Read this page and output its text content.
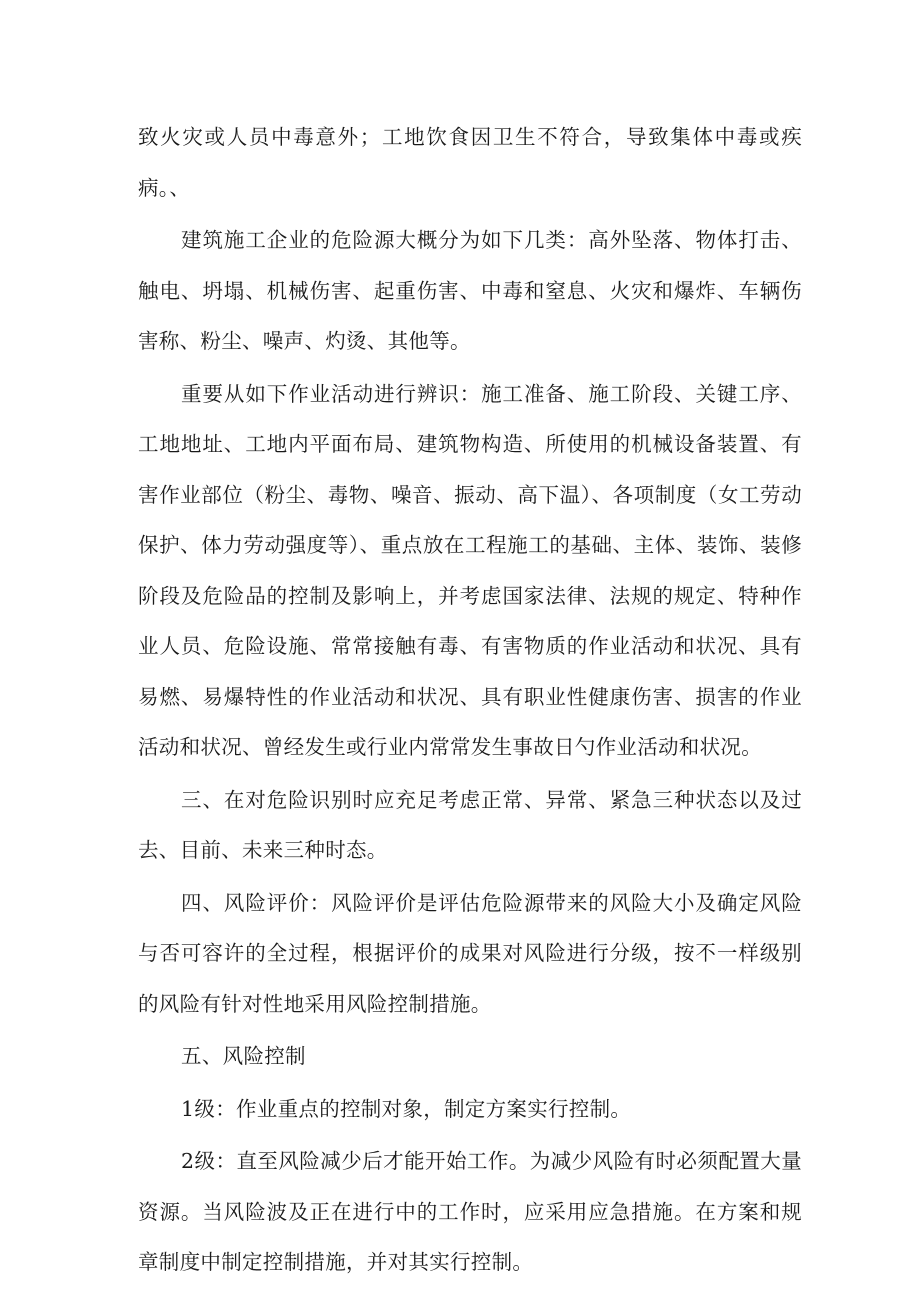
致火灾或人员中毒意外；工地饮食因卫生不符合，导致集体中毒或疾病。、

建筑施工企业的危险源大概分为如下几类：高外坠落、物体打击、触电、坍塌、机械伤害、起重伤害、中毒和窒息、火灾和爆炸、车辆伤害称、粉尘、噪声、灼烫、其他等。

重要从如下作业活动进行辨识：施工准备、施工阶段、关键工序、工地地址、工地内平面布局、建筑物构造、所使用的机械设备装置、有害作业部位（粉尘、毒物、噪音、振动、高下温）、各项制度（女工劳动保护、体力劳动强度等）、重点放在工程施工的基础、主体、装饰、装修阶段及危险品的控制及影响上，并考虑国家法律、法规的规定、特种作业人员、危险设施、常常接触有毒、有害物质的作业活动和状况、具有易燃、易爆特性的作业活动和状况、具有职业性健康伤害、损害的作业活动和状况、曾经发生或行业内常常发生事故日勺作业活动和状况。

三、在对危险识别时应充足考虑正常、异常、紧急三种状态以及过去、目前、未来三种时态。

四、风险评价：风险评价是评估危险源带来的风险大小及确定风险与否可容许的全过程，根据评价的成果对风险进行分级，按不一样级别的风险有针对性地采用风险控制措施。

五、风险控制

1级：作业重点的控制对象，制定方案实行控制。

2级：直至风险减少后才能开始工作。为减少风险有时必须配置大量资源。当风险波及正在进行中的工作时，应采用应急措施。在方案和规章制度中制定控制措施，并对其实行控制。
